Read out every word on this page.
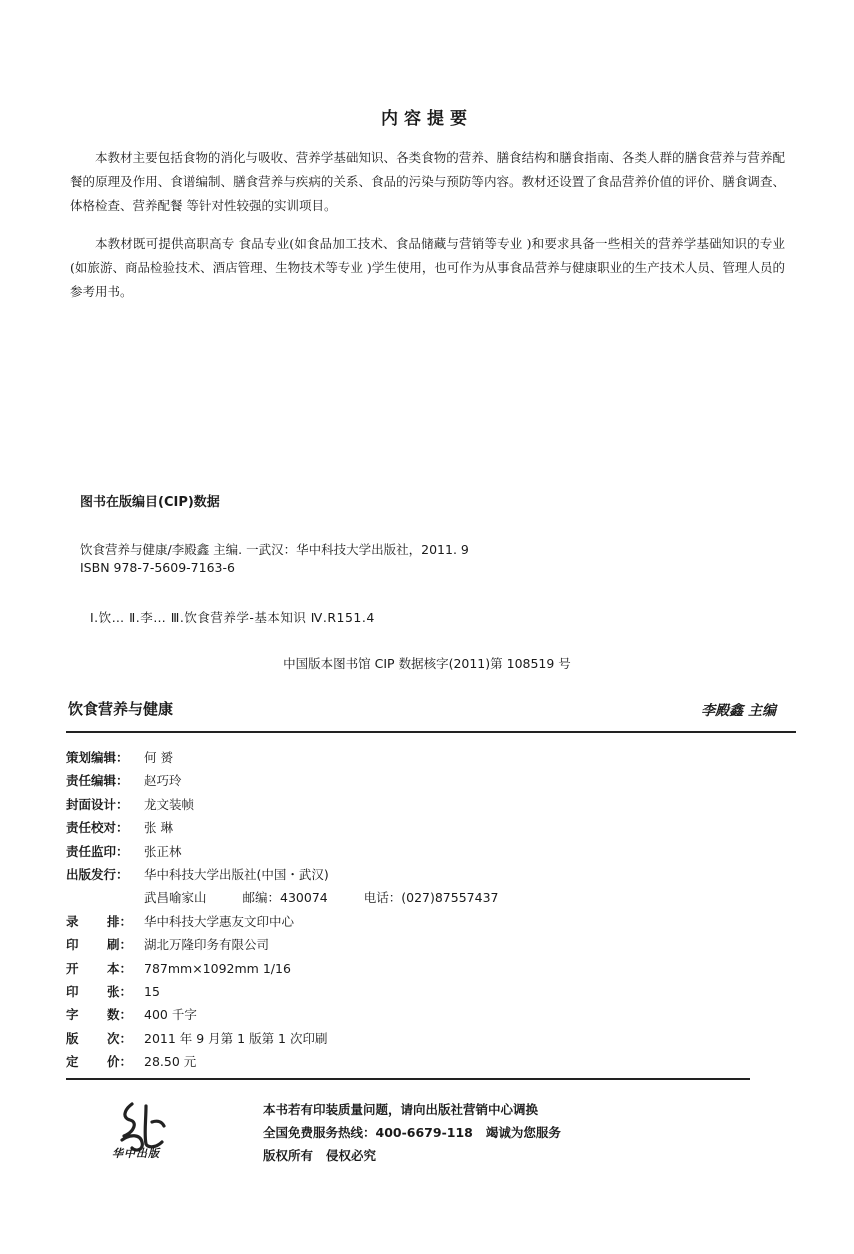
内容提要

本教材主要包括食物的消化与吸收、营养学基础知识、各类食物的营养、膳食结构和膳食指南、各类人群的膳食营养与营养配餐的原理及作用、食谱编制、膳食营养与疾病的关系、食品的污染与预防等内容。教材还设置了食品营养价值的评价、膳食调查、体格检查、营养配餐 等针对性较强的实训项目。

本教材既可提供高职高专 食品专业(如食品加工技术、食品储藏与营销等专业 )和要求具备一些相关的营养学基础知识的专业(如旅游、商品检验技术、酒店管理、生物技术等专业 )学生使用，也可作为从事食品营养与健康职业的生产技术人员、管理人员的参考用书。

图书在版编目(CIP)数据
饮食营养与健康/李殿鑫 主编. 一武汉：华中科技大学出版社，2011. 9
ISBN 978-7-5609-7163-6
Ⅰ.饮… Ⅱ.李… Ⅲ.饮食营养学-基本知识 Ⅳ.R151.4
中国版本图书馆 CIP 数据核字(2011)第 108519 号
饮食营养与健康	李殿鑫 主编
策划编辑：	何 赟
责任编辑：	赵巧玲
封面设计：	龙文装帧
责任校对：	张 琳
责任监印：	张正林
出版发行：	华中科技大学出版社(中国・武汉)
武昌喻家山	邮编：430074	电话：(027)87557437
录 排： 华中科技大学惠友文印中心
印 刷： 湖北万隆印务有限公司
开 本： 787mm×1092mm 1/16
印 张： 15
字 数： 400 千字
版 次： 2011 年 9 月第 1 版第 1 次印刷
定 价： 28.50 元
华中出版
本书若有印装质量问题，请向出版社营销中心调换
全国免费服务热线：400-6679-118   竭诚为您服务
版权所有   侵权必究
